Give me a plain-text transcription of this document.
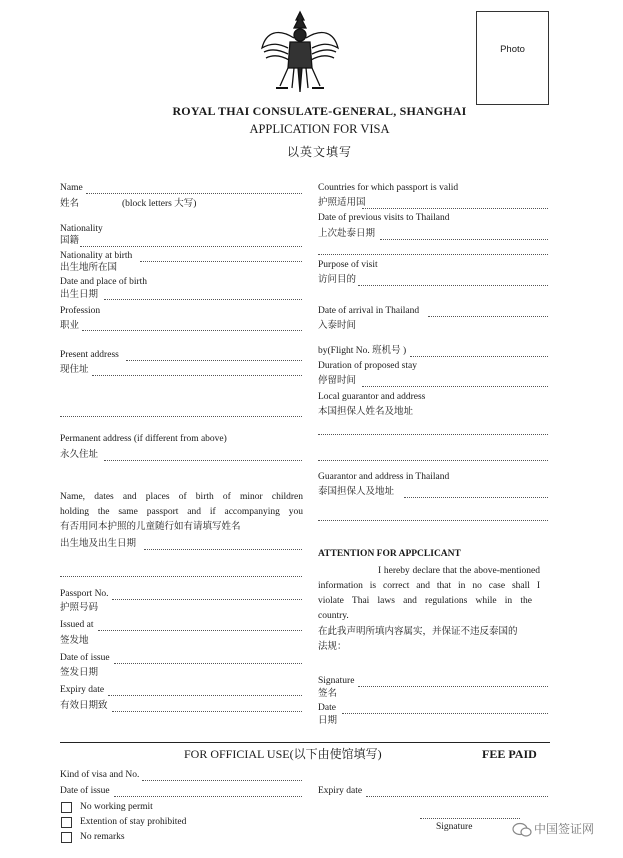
Photo
ROYAL THAI CONSULATE-GENERAL, SHANGHAI
APPLICATION FOR VISA
以英文填写
Name
姓名	(block letters 大写)
Nationality
国籍
Nationality at birth
出生地所在国
Date and place of birth
出生日期
Profession
职业
Present address
现住址
Permanent address (if different from above)
永久住址
Name, dates and places of birth of minor children
holding the same passport and if accompanying you
有否用同本护照的儿童随行如有请填写姓名
出生地及出生日期
Passport No.
护照号码
Issued at
签发地
Date of issue
签发日期
Expiry date
有效日期致
Countries for which passport is valid
护照适用国
Date of previous visits to Thailand
上次赴泰日期
Purpose of visit
访问目的
Date of arrival in Thailand
入泰时间
by(Flight No. 班机号 )
Duration of proposed stay
停留时间
Local guarantor and address
本国担保人姓名及地址
Guarantor and address in Thailand
泰国担保人及地址
ATTENTION FOR APPCLICANT
I hereby declare that the above-mentioned
information is correct and that in no case shall I
violate Thai laws and regulations while in the
country.
在此我声明所填内容属实，并保证不违反泰国的
法规：
Signature
签名
Date
日期
FOR OFFICIAL USE(以下由使馆填写)	FEE PAID
Kind of visa and No.
Date of issue	Expiry date
No working permit
Extention of stay prohibited
No remarks
Signature	中国签证网
